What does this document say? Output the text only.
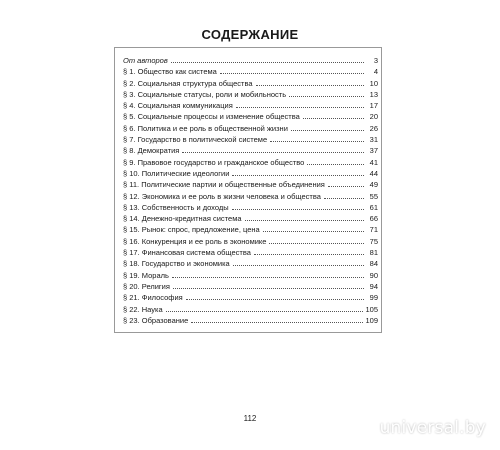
СОДЕРЖАНИЕ
От авторов	3
§ 1. Общество как система	4
§ 2. Социальная структура общества	10
§ 3. Социальные статусы, роли и мобильность	13
§ 4. Социальная коммуникация	17
§ 5. Социальные процессы и изменение общества	20
§ 6. Политика и ее роль в общественной жизни	26
§ 7. Государство в политической системе	31
§ 8. Демократия	37
§ 9. Правовое государство и гражданское общество	41
§ 10. Политические идеологии	44
§ 11. Политические партии и общественные объединения	49
§ 12. Экономика и ее роль в жизни человека и общества	55
§ 13. Собственность и доходы	61
§ 14. Денежно-кредитная система	66
§ 15. Рынок: спрос, предложение, цена	71
§ 16. Конкуренция и ее роль в экономике	75
§ 17. Финансовая система общества	81
§ 18. Государство и экономика	84
§ 19. Мораль	90
§ 20. Религия	94
§ 21. Философия	99
§ 22. Наука	105
§ 23. Образование	109
112	universal.by
